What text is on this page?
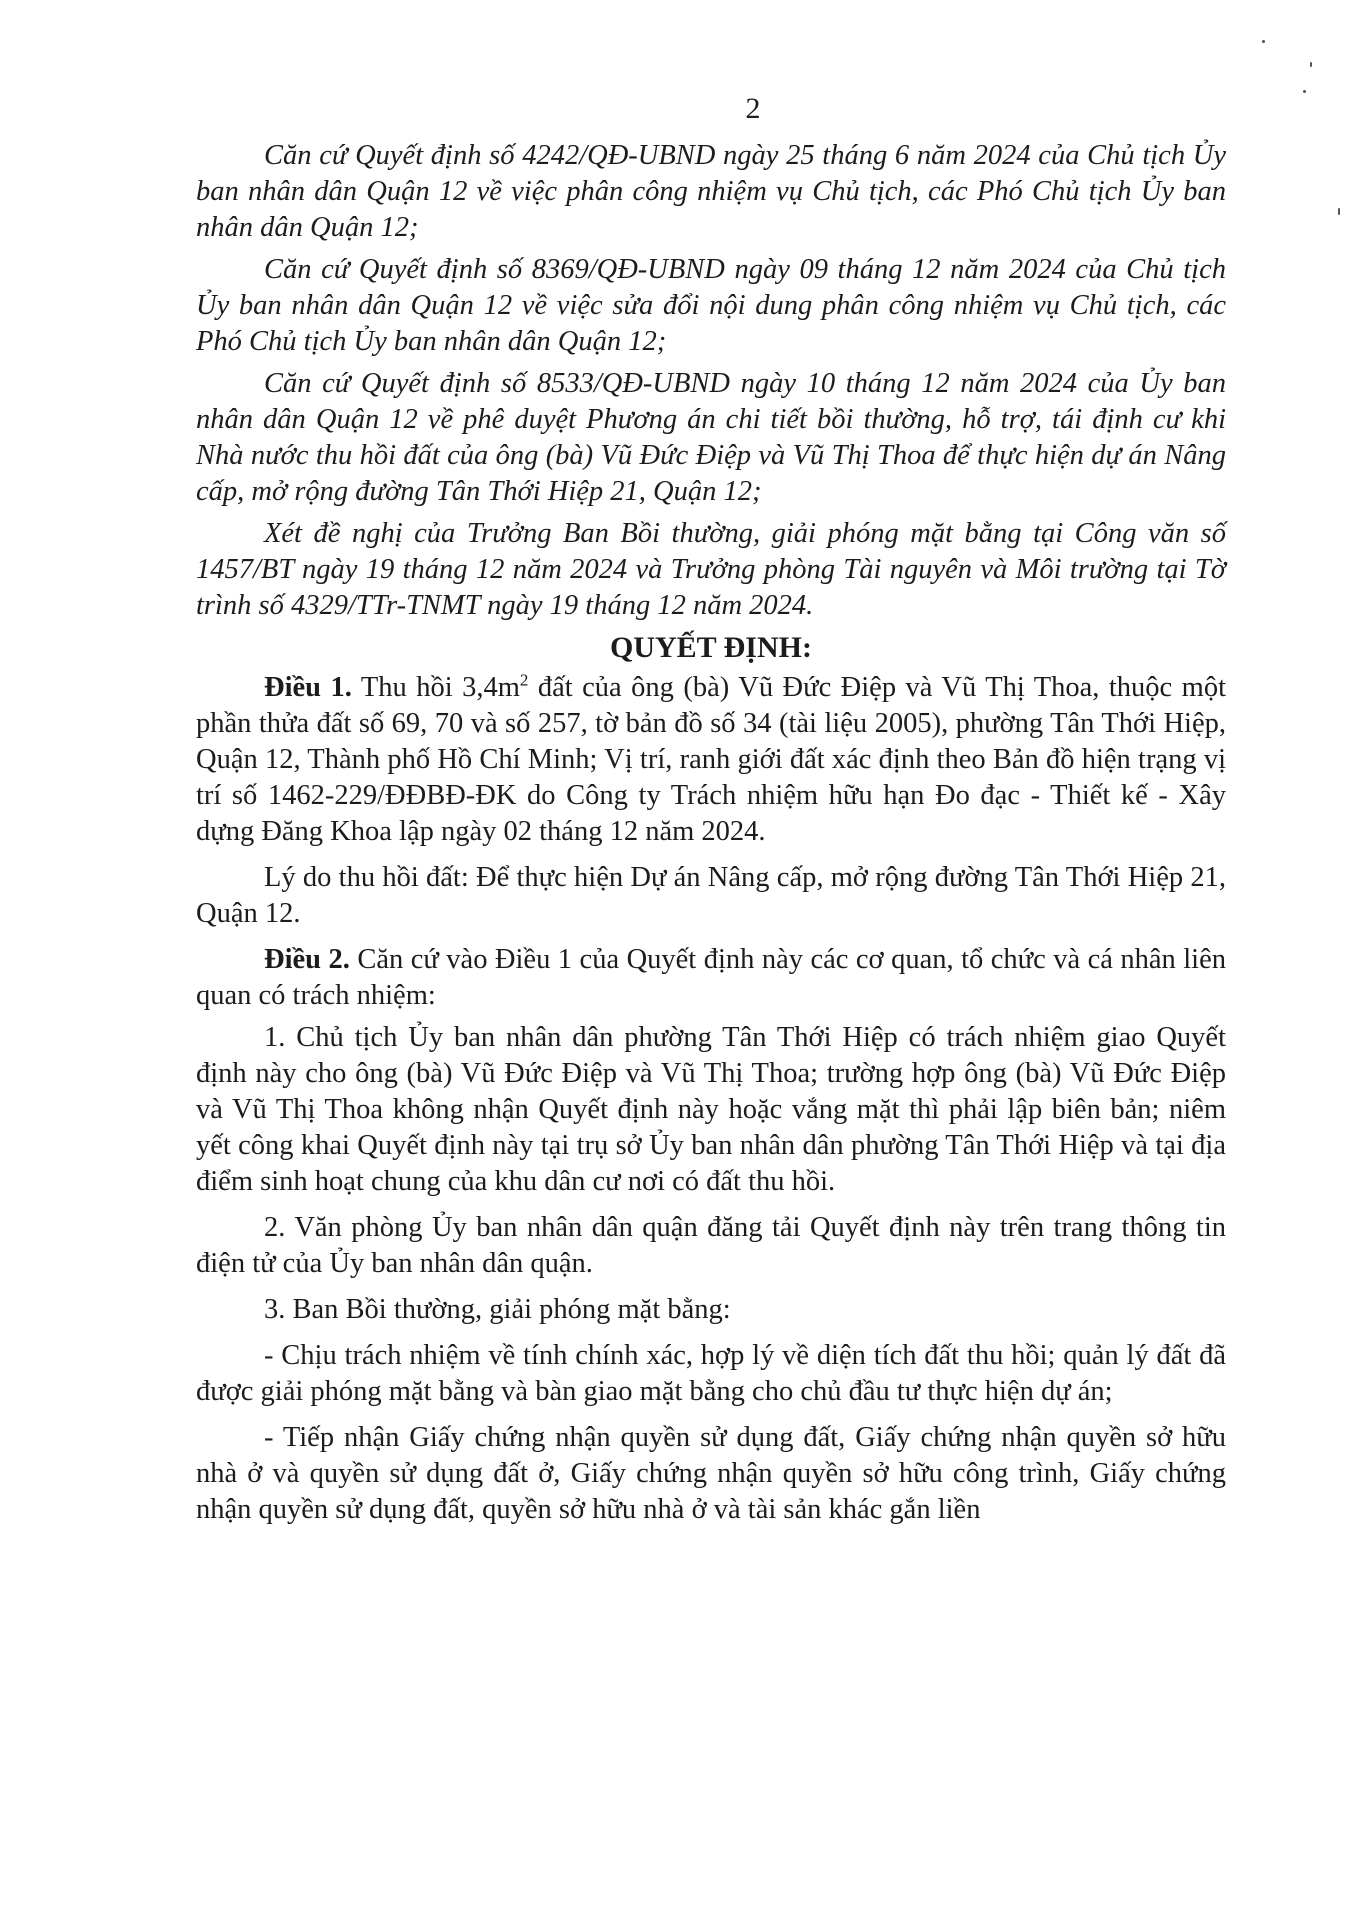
2

Căn cứ Quyết định số 4242/QĐ-UBND ngày 25 tháng 6 năm 2024 của Chủ tịch Ủy ban nhân dân Quận 12 về việc phân công nhiệm vụ Chủ tịch, các Phó Chủ tịch Ủy ban nhân dân Quận 12;

Căn cứ Quyết định số 8369/QĐ-UBND ngày 09 tháng 12 năm 2024 của Chủ tịch Ủy ban nhân dân Quận 12 về việc sửa đổi nội dung phân công nhiệm vụ Chủ tịch, các Phó Chủ tịch Ủy ban nhân dân Quận 12;

Căn cứ Quyết định số 8533/QĐ-UBND ngày 10 tháng 12 năm 2024 của Ủy ban nhân dân Quận 12 về phê duyệt Phương án chi tiết bồi thường, hỗ trợ, tái định cư khi Nhà nước thu hồi đất của ông (bà) Vũ Đức Điệp và Vũ Thị Thoa để thực hiện dự án Nâng cấp, mở rộng đường Tân Thới Hiệp 21, Quận 12;

Xét đề nghị của Trưởng Ban Bồi thường, giải phóng mặt bằng tại Công văn số 1457/BT ngày 19 tháng 12 năm 2024 và Trưởng phòng Tài nguyên và Môi trường tại Tờ trình số 4329/TTr-TNMT ngày 19 tháng 12 năm 2024.

QUYẾT ĐỊNH:

Điều 1. Thu hồi $3,4m^2$ đất của ông (bà) Vũ Đức Điệp và Vũ Thị Thoa, thuộc một phần thửa đất số 69, 70 và số 257, tờ bản đồ số 34 (tài liệu 2005), phường Tân Thới Hiệp, Quận 12, Thành phố Hồ Chí Minh; Vị trí, ranh giới đất xác định theo Bản đồ hiện trạng vị trí số 1462-229/ĐĐBĐ-ĐK do Công ty Trách nhiệm hữu hạn Đo đạc - Thiết kế - Xây dựng Đăng Khoa lập ngày 02 tháng 12 năm 2024.

Lý do thu hồi đất: Để thực hiện Dự án Nâng cấp, mở rộng đường Tân Thới Hiệp 21, Quận 12.

Điều 2. Căn cứ vào Điều 1 của Quyết định này các cơ quan, tổ chức và cá nhân liên quan có trách nhiệm:

1. Chủ tịch Ủy ban nhân dân phường Tân Thới Hiệp có trách nhiệm giao Quyết định này cho ông (bà) Vũ Đức Điệp và Vũ Thị Thoa; trường hợp ông (bà) Vũ Đức Điệp và Vũ Thị Thoa không nhận Quyết định này hoặc vắng mặt thì phải lập biên bản; niêm yết công khai Quyết định này tại trụ sở Ủy ban nhân dân phường Tân Thới Hiệp và tại địa điểm sinh hoạt chung của khu dân cư nơi có đất thu hồi.

2. Văn phòng Ủy ban nhân dân quận đăng tải Quyết định này trên trang thông tin điện tử của Ủy ban nhân dân quận.

3. Ban Bồi thường, giải phóng mặt bằng:

- Chịu trách nhiệm về tính chính xác, hợp lý về diện tích đất thu hồi; quản lý đất đã được giải phóng mặt bằng và bàn giao mặt bằng cho chủ đầu tư thực hiện dự án;

- Tiếp nhận Giấy chứng nhận quyền sử dụng đất, Giấy chứng nhận quyền sở hữu nhà ở và quyền sử dụng đất ở, Giấy chứng nhận quyền sở hữu công trình, Giấy chứng nhận quyền sử dụng đất, quyền sở hữu nhà ở và tài sản khác gắn liền
